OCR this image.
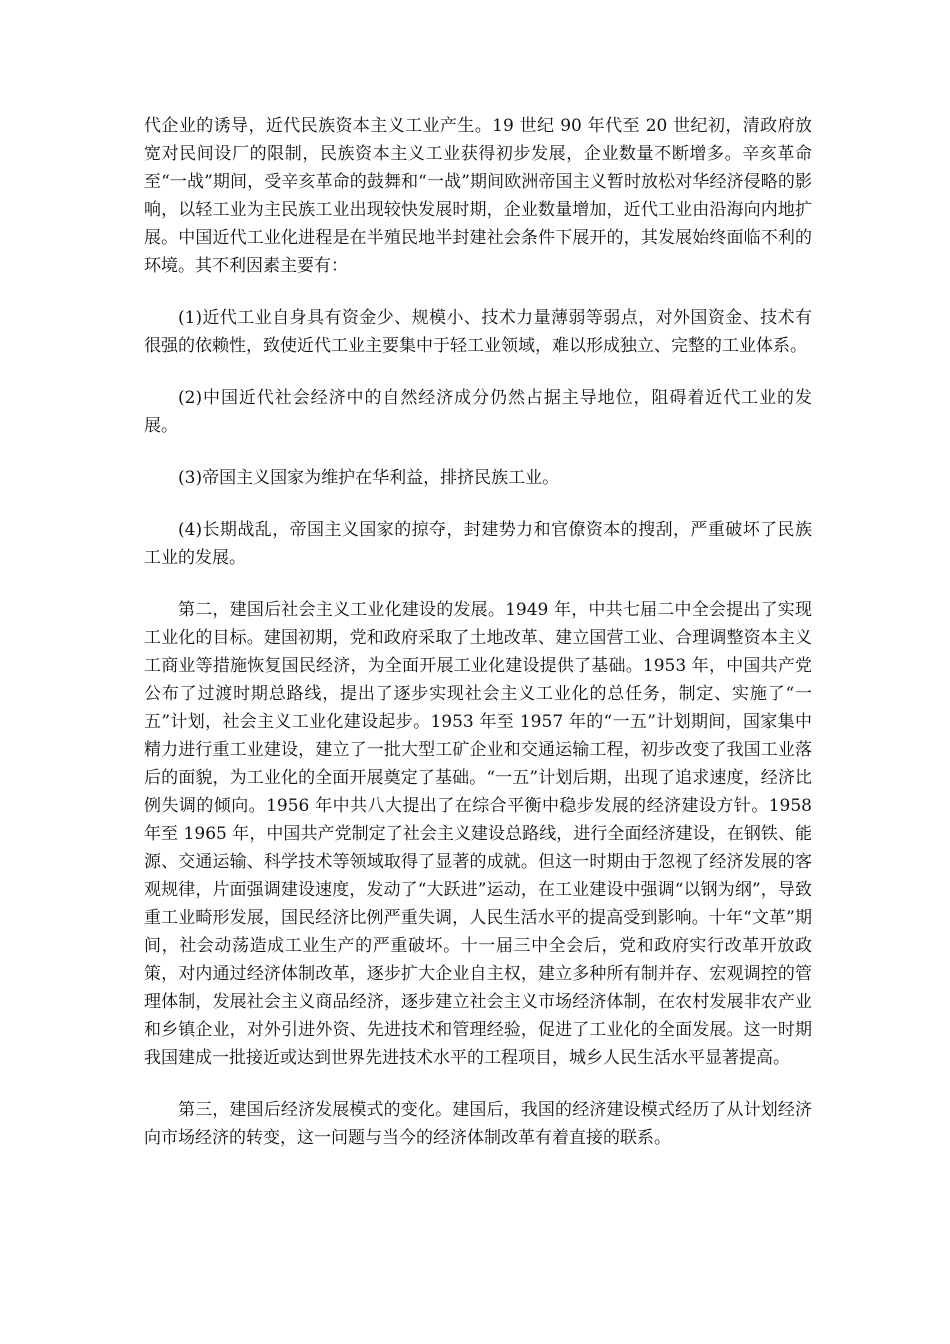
代企业的诱导，近代民族资本主义工业产生。19 世纪 90 年代至 20 世纪初，清政府放宽对民间设厂的限制，民族资本主义工业获得初步发展，企业数量不断增多。辛亥革命至“一战”期间，受辛亥革命的鼓舞和“一战”期间欧洲帝国主义暂时放松对华经济侵略的影响，以轻工业为主民族工业出现较快发展时期，企业数量增加，近代工业由沿海向内地扩展。中国近代工业化进程是在半殖民地半封建社会条件下展开的，其发展始终面临不利的环境。其不利因素主要有：

(1)近代工业自身具有资金少、规模小、技术力量薄弱等弱点，对外国资金、技术有很强的依赖性，致使近代工业主要集中于轻工业领域，难以形成独立、完整的工业体系。

(2)中国近代社会经济中的自然经济成分仍然占据主导地位，阻碍着近代工业的发展。

(3)帝国主义国家为维护在华利益，排挤民族工业。

(4)长期战乱，帝国主义国家的掠夺，封建势力和官僚资本的搜刮，严重破坏了民族工业的发展。

第二，建国后社会主义工业化建设的发展。1949 年，中共七届二中全会提出了实现工业化的目标。建国初期，党和政府采取了土地改革、建立国营工业、合理调整资本主义工商业等措施恢复国民经济，为全面开展工业化建设提供了基础。1953 年，中国共产党公布了过渡时期总路线，提出了逐步实现社会主义工业化的总任务，制定、实施了“一五”计划，社会主义工业化建设起步。1953 年至 1957 年的“一五”计划期间，国家集中精力进行重工业建设，建立了一批大型工矿企业和交通运输工程，初步改变了我国工业落后的面貌，为工业化的全面开展奠定了基础。“一五”计划后期，出现了追求速度，经济比例失调的倾向。1956 年中共八大提出了在综合平衡中稳步发展的经济建设方针。1958 年至 1965 年，中国共产党制定了社会主义建设总路线，进行全面经济建设，在钢铁、能源、交通运输、科学技术等领域取得了显著的成就。但这一时期由于忽视了经济发展的客观规律，片面强调建设速度，发动了“大跃进”运动，在工业建设中强调“以钢为纲”，导致重工业畸形发展，国民经济比例严重失调，人民生活水平的提高受到影响。十年“文革”期间，社会动荡造成工业生产的严重破坏。十一届三中全会后，党和政府实行改革开放政策，对内通过经济体制改革，逐步扩大企业自主权，建立多种所有制并存、宏观调控的管理体制，发展社会主义商品经济，逐步建立社会主义市场经济体制，在农村发展非农产业和乡镇企业，对外引进外资、先进技术和管理经验，促进了工业化的全面发展。这一时期我国建成一批接近或达到世界先进技术水平的工程项目，城乡人民生活水平显著提高。

第三，建国后经济发展模式的变化。建国后，我国的经济建设模式经历了从计划经济向市场经济的转变，这一问题与当今的经济体制改革有着直接的联系。
